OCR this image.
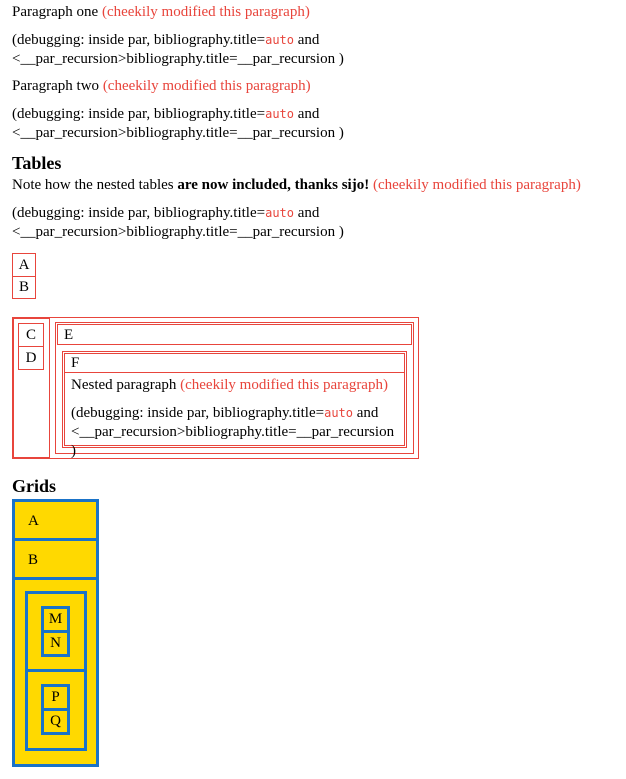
Paragraph one (cheekily modified this paragraph)

(debugging: inside par, bibliography.title=auto and
<__par_recursion>bibliography.title=__par_recursion )

Paragraph two (cheekily modified this paragraph)

(debugging: inside par, bibliography.title=auto and
<__par_recursion>bibliography.title=__par_recursion )
Tables

Note how the nested tables are now included, thanks sijo! (cheekily modified this paragraph)

(debugging: inside par, bibliography.title=auto and
<__par_recursion>bibliography.title=__par_recursion )
A
B
C
D
E
F
Nested paragraph (cheekily modified this paragraph)
(debugging: inside par, bibliography.title=auto and
<__par_recursion>bibliography.title=__par_recursion )
Grids
A
B
M
N
P
Q
